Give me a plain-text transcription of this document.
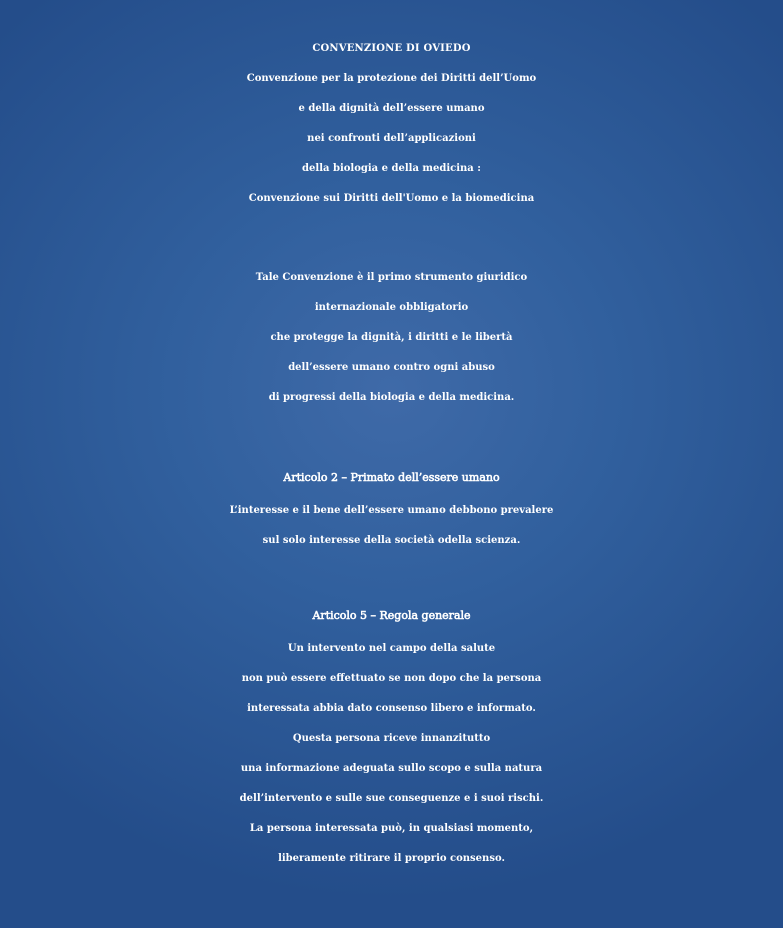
CONVENZIONE DI OVIEDO
Convenzione per la protezione dei Diritti dell’Uomo
e della dignità dell’essere umano
nei confronti dell’applicazioni
della biologia e della medicina :
Convenzione sui Diritti dell'Uomo e la biomedicina
Tale Convenzione è il primo strumento giuridico
internazionale obbligatorio
che protegge la dignità, i diritti e le libertà
dell’essere umano contro ogni abuso
di progressi della biologia e della medicina.
Articolo 2 – Primato dell’essere umano
L’interesse e il bene dell’essere umano debbono prevalere
sul solo interesse della società odella scienza.
Articolo 5 – Regola generale
Un intervento nel campo della salute
non può essere effettuato se non dopo che la persona
interessata abbia dato consenso libero e informato.
Questa persona riceve innanzitutto
una informazione adeguata sullo scopo e sulla natura
dell’intervento e sulle sue conseguenze e i suoi rischi.
La persona interessata può, in qualsiasi momento,
liberamente ritirare il proprio consenso.
